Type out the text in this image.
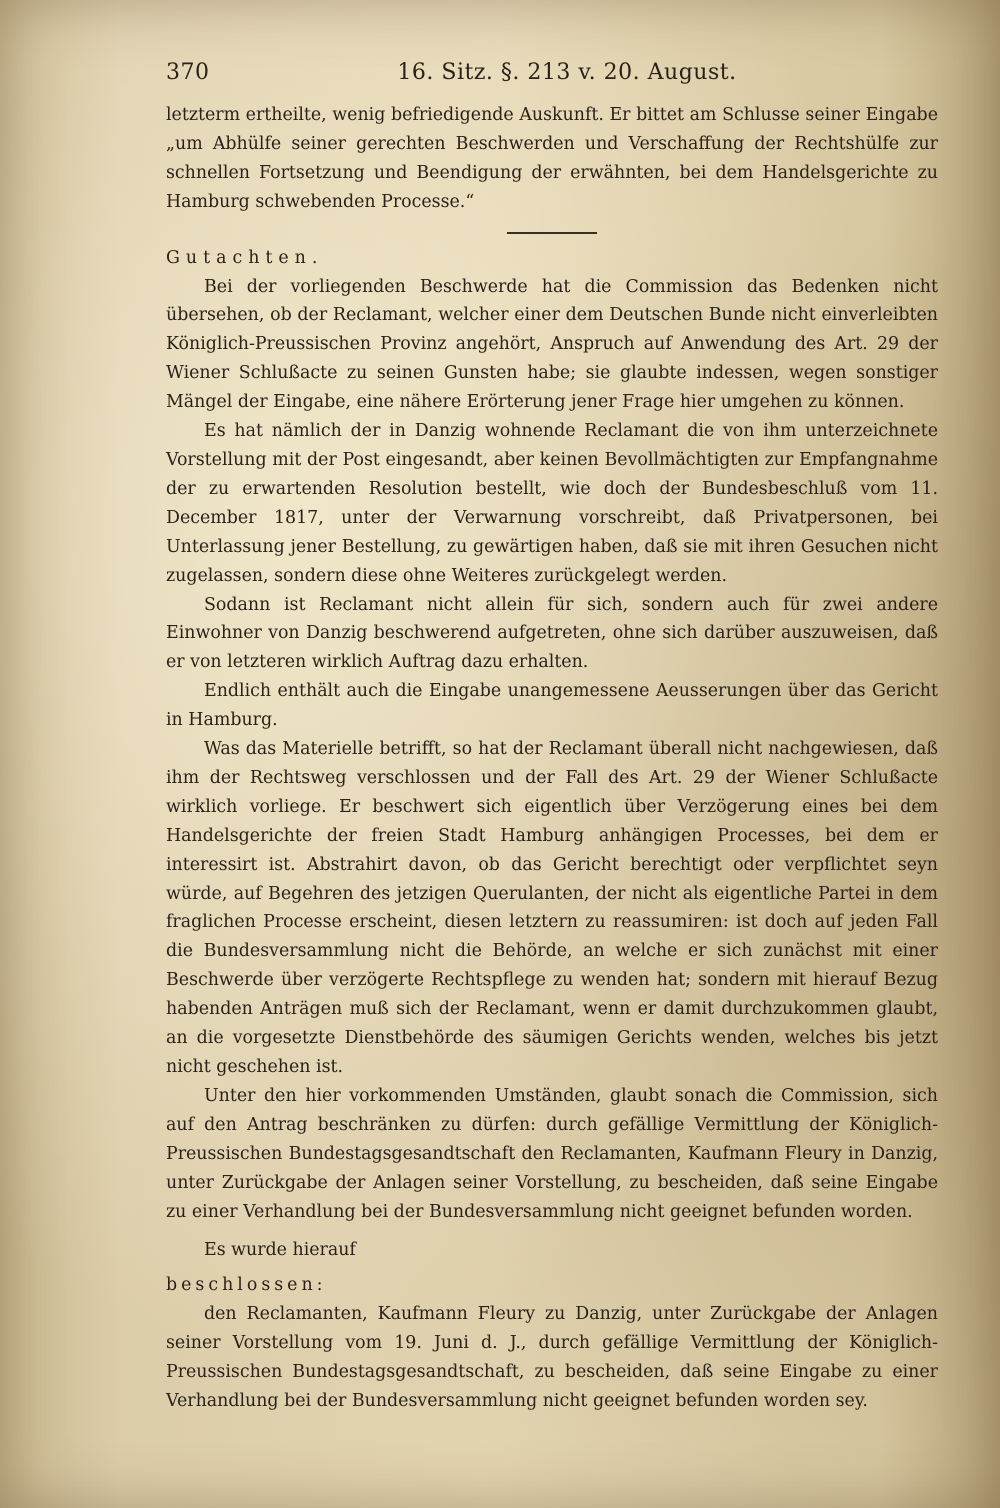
370	16. Sitz. §. 213 v. 20. August.

letzterm ertheilte, wenig befriedigende Auskunft. Er bittet am Schlusse seiner Eingabe „um Abhülfe seiner gerechten Beschwerden und Verschaffung der Rechtshülfe zur schnellen Fortsetzung und Beendigung der erwähnten, bei dem Handelsgerichte zu Hamburg schwebenden Processe.“

Gutachten.

Bei der vorliegenden Beschwerde hat die Commission das Bedenken nicht übersehen, ob der Reclamant, welcher einer dem Deutschen Bunde nicht einverleibten Königlich-Preussischen Provinz angehört, Anspruch auf Anwendung des Art. 29 der Wiener Schlußacte zu seinen Gunsten habe; sie glaubte indessen, wegen sonstiger Mängel der Eingabe, eine nähere Erörterung jener Frage hier umgehen zu können.

Es hat nämlich der in Danzig wohnende Reclamant die von ihm unterzeichnete Vorstellung mit der Post eingesandt, aber keinen Bevollmächtigten zur Empfangnahme der zu erwartenden Resolution bestellt, wie doch der Bundesbeschluß vom 11. December 1817, unter der Verwarnung vorschreibt, daß Privatpersonen, bei Unterlassung jener Bestellung, zu gewärtigen haben, daß sie mit ihren Gesuchen nicht zugelassen, sondern diese ohne Weiteres zurückgelegt werden.

Sodann ist Reclamant nicht allein für sich, sondern auch für zwei andere Einwohner von Danzig beschwerend aufgetreten, ohne sich darüber auszuweisen, daß er von letzteren wirklich Auftrag dazu erhalten.

Endlich enthält auch die Eingabe unangemessene Aeusserungen über das Gericht in Hamburg.

Was das Materielle betrifft, so hat der Reclamant überall nicht nachgewiesen, daß ihm der Rechtsweg verschlossen und der Fall des Art. 29 der Wiener Schlußacte wirklich vorliege. Er beschwert sich eigentlich über Verzögerung eines bei dem Handelsgerichte der freien Stadt Hamburg anhängigen Processes, bei dem er interessirt ist. Abstrahirt davon, ob das Gericht berechtigt oder verpflichtet seyn würde, auf Begehren des jetzigen Querulanten, der nicht als eigentliche Partei in dem fraglichen Processe erscheint, diesen letztern zu reassumiren: ist doch auf jeden Fall die Bundesversammlung nicht die Behörde, an welche er sich zunächst mit einer Beschwerde über verzögerte Rechtspflege zu wenden hat; sondern mit hierauf Bezug habenden Anträgen muß sich der Reclamant, wenn er damit durchzukommen glaubt, an die vorgesetzte Dienstbehörde des säumigen Gerichts wenden, welches bis jetzt nicht geschehen ist.

Unter den hier vorkommenden Umständen, glaubt sonach die Commission, sich auf den Antrag beschränken zu dürfen: durch gefällige Vermittlung der Königlich-Preussischen Bundestagsgesandtschaft den Reclamanten, Kaufmann Fleury in Danzig, unter Zurückgabe der Anlagen seiner Vorstellung, zu bescheiden, daß seine Eingabe zu einer Verhandlung bei der Bundesversammlung nicht geeignet befunden worden.

Es wurde hierauf

beschlossen:

den Reclamanten, Kaufmann Fleury zu Danzig, unter Zurückgabe der Anlagen seiner Vorstellung vom 19. Juni d. J., durch gefällige Vermittlung der Königlich-Preussischen Bundestagsgesandtschaft, zu bescheiden, daß seine Eingabe zu einer Verhandlung bei der Bundesversammlung nicht geeignet befunden worden sey.
